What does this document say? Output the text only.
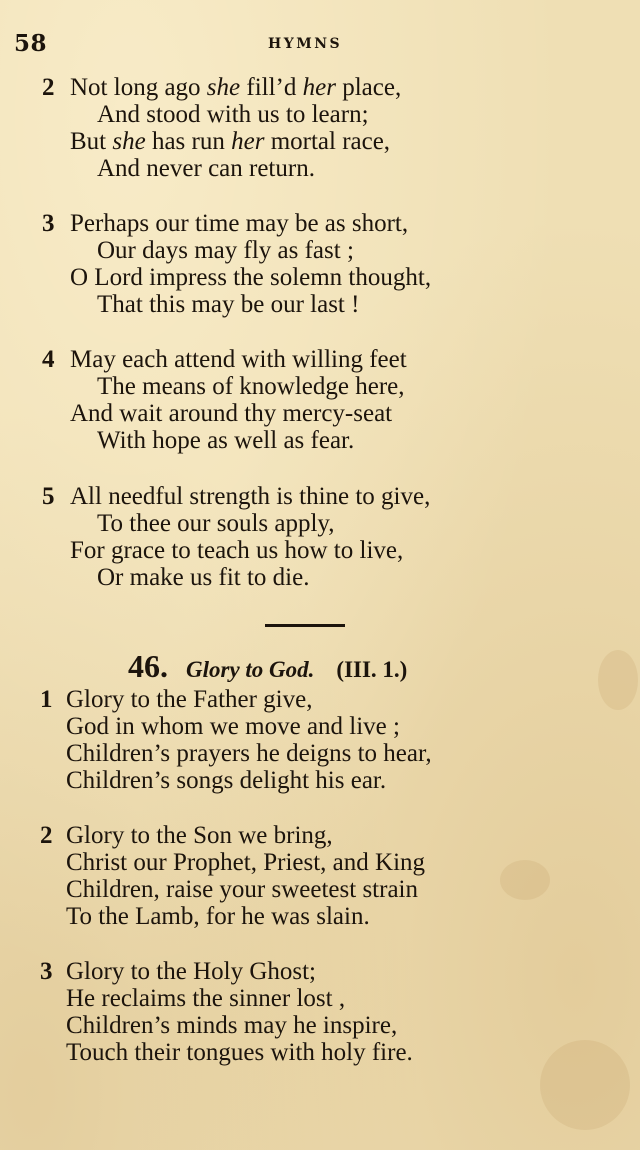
58	HYMNS
2 Not long ago she fill’d her place,
And stood with us to learn;
But she has run her mortal race,
And never can return.
3 Perhaps our time may be as short,
Our days may fly as fast ;
O Lord impress the solemn thought,
That this may be our last !
4 May each attend with willing feet
The means of knowledge here,
And wait around thy mercy-seat
With hope as well as fear.
5 All needful strength is thine to give,
To thee our souls apply,
For grace to teach us how to live,
Or make us fit to die.
46. Glory to God. (III. 1.)
1 Glory to the Father give,
God in whom we move and live ;
Children’s prayers he deigns to hear,
Children’s songs delight his ear.
2 Glory to the Son we bring,
Christ our Prophet, Priest, and King
Children, raise your sweetest strain
To the Lamb, for he was slain.
3 Glory to the Holy Ghost;
He reclaims the sinner lost ,
Children’s minds may he inspire,
Touch their tongues with holy fire.
